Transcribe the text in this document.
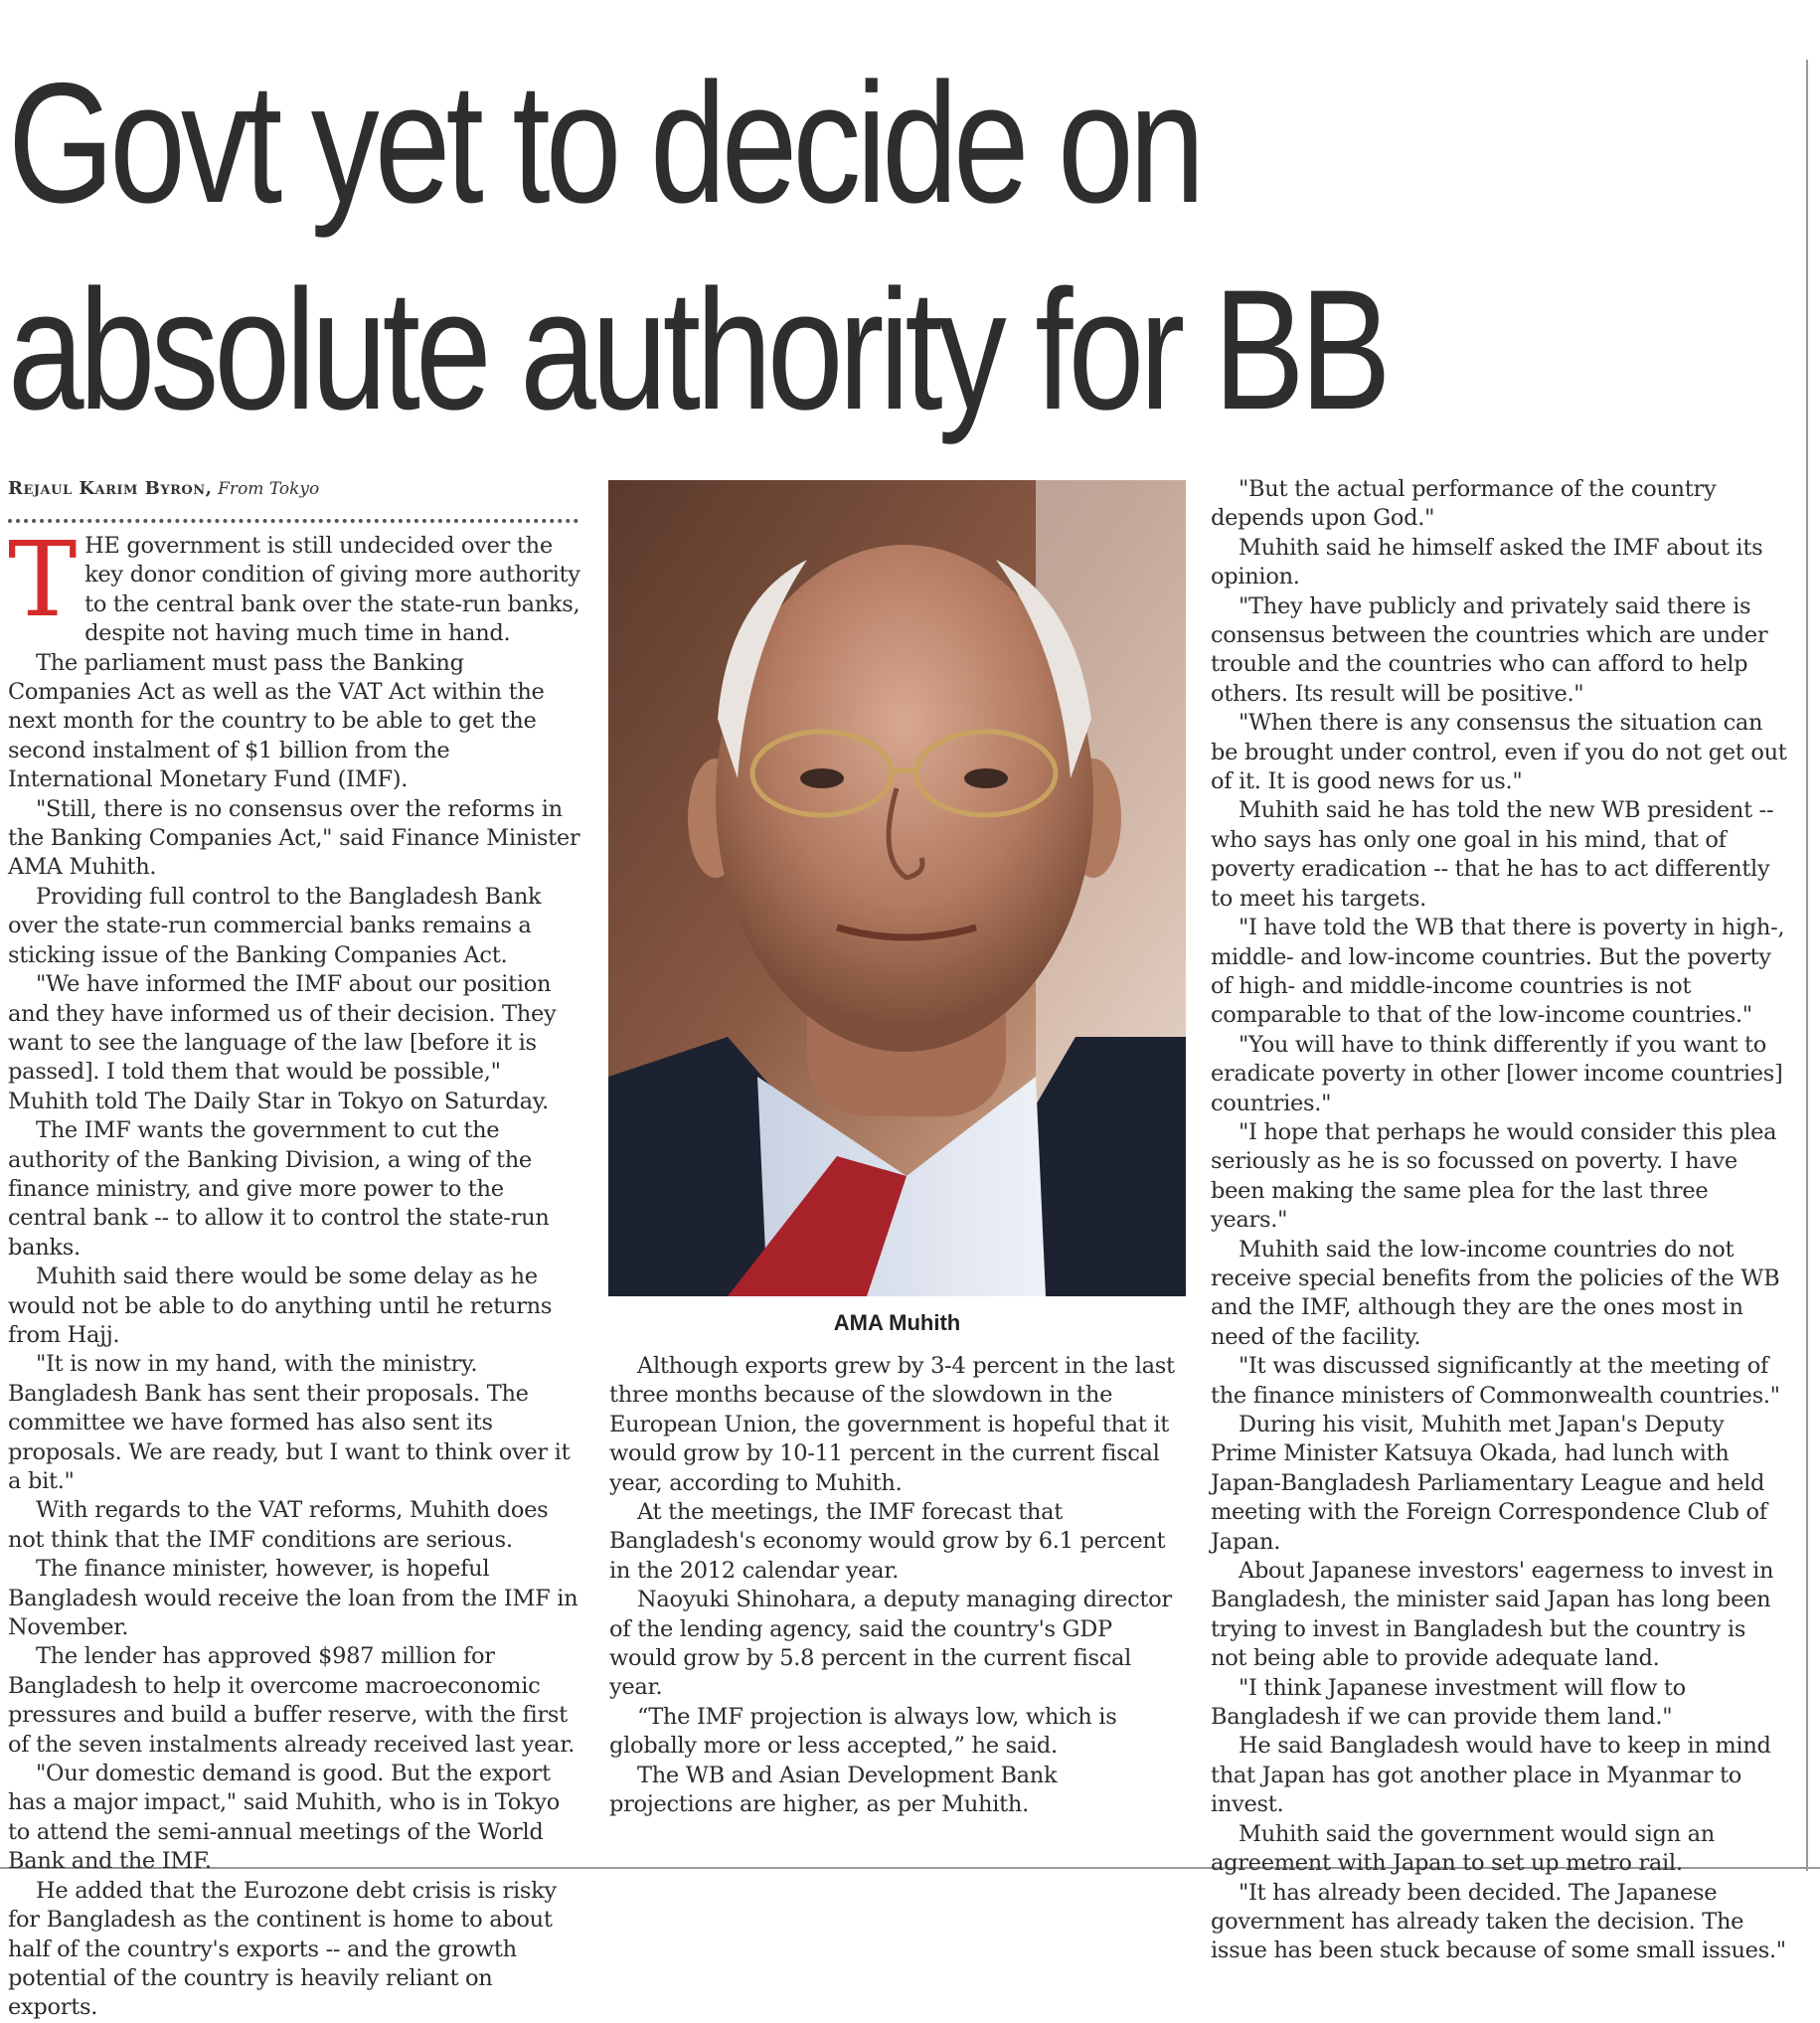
Govt yet to decide on
absolute authority for BB
Rejaul Karim Byron, From Tokyo

THE government is still undecided over the key donor condition of giving more authority to the central bank over the state-run banks, despite not having much time in hand.

The parliament must pass the Banking Companies Act as well as the VAT Act within the next month for the country to be able to get the second instalment of $1 billion from the International Monetary Fund (IMF).

"Still, there is no consensus over the reforms in the Banking Companies Act," said Finance Minister AMA Muhith.

Providing full control to the Bangladesh Bank over the state-run commercial banks remains a sticking issue of the Banking Companies Act.

"We have informed the IMF about our position and they have informed us of their decision. They want to see the language of the law [before it is passed]. I told them that would be possible," Muhith told The Daily Star in Tokyo on Saturday.

The IMF wants the government to cut the authority of the Banking Division, a wing of the finance ministry, and give more power to the central bank -- to allow it to control the state-run banks.

Muhith said there would be some delay as he would not be able to do anything until he returns from Hajj.

"It is now in my hand, with the ministry. Bangladesh Bank has sent their proposals. The committee we have formed has also sent its proposals. We are ready, but I want to think over it a bit."

With regards to the VAT reforms, Muhith does not think that the IMF conditions are serious.

The finance minister, however, is hopeful Bangladesh would receive the loan from the IMF in November.

The lender has approved $987 million for Bangladesh to help it overcome macroeconomic pressures and build a buffer reserve, with the first of the seven instalments already received last year.

"Our domestic demand is good. But the export has a major impact," said Muhith, who is in Tokyo to attend the semi-annual meetings of the World Bank and the IMF.

He added that the Eurozone debt crisis is risky for Bangladesh as the continent is home to about half of the country's exports -- and the growth potential of the country is heavily reliant on exports.

AMA Muhith

Although exports grew by 3-4 percent in the last three months because of the slowdown in the European Union, the government is hopeful that it would grow by 10-11 percent in the current fiscal year, according to Muhith.

At the meetings, the IMF forecast that Bangladesh's economy would grow by 6.1 percent in the 2012 calendar year.

Naoyuki Shinohara, a deputy managing director of the lending agency, said the country's GDP would grow by 5.8 percent in the current fiscal year.

“The IMF projection is always low, which is globally more or less accepted,” he said.

The WB and Asian Development Bank projections are higher, as per Muhith.

"But the actual performance of the country depends upon God."

Muhith said he himself asked the IMF about its opinion.

"They have publicly and privately said there is consensus between the countries which are under trouble and the countries who can afford to help others. Its result will be positive."

"When there is any consensus the situation can be brought under control, even if you do not get out of it. It is good news for us."

Muhith said he has told the new WB president -- who says has only one goal in his mind, that of poverty eradication -- that he has to act differently to meet his targets.

"I have told the WB that there is poverty in high-, middle- and low-income countries. But the poverty of high- and middle-income countries is not comparable to that of the low-income countries."

"You will have to think differently if you want to eradicate poverty in other [lower income countries] countries."

"I hope that perhaps he would consider this plea seriously as he is so focussed on poverty. I have been making the same plea for the last three years."

Muhith said the low-income countries do not receive special benefits from the policies of the WB and the IMF, although they are the ones most in need of the facility.

"It was discussed significantly at the meeting of the finance ministers of Commonwealth countries."

During his visit, Muhith met Japan's Deputy Prime Minister Katsuya Okada, had lunch with Japan-Bangladesh Parliamentary League and held meeting with the Foreign Correspondence Club of Japan.

About Japanese investors' eagerness to invest in Bangladesh, the minister said Japan has long been trying to invest in Bangladesh but the country is not being able to provide adequate land.

"I think Japanese investment will flow to Bangladesh if we can provide them land."

He said Bangladesh would have to keep in mind that Japan has got another place in Myanmar to invest.

Muhith said the government would sign an agreement with Japan to set up metro rail.

"It has already been decided. The Japanese government has already taken the decision. The issue has been stuck because of some small issues."
